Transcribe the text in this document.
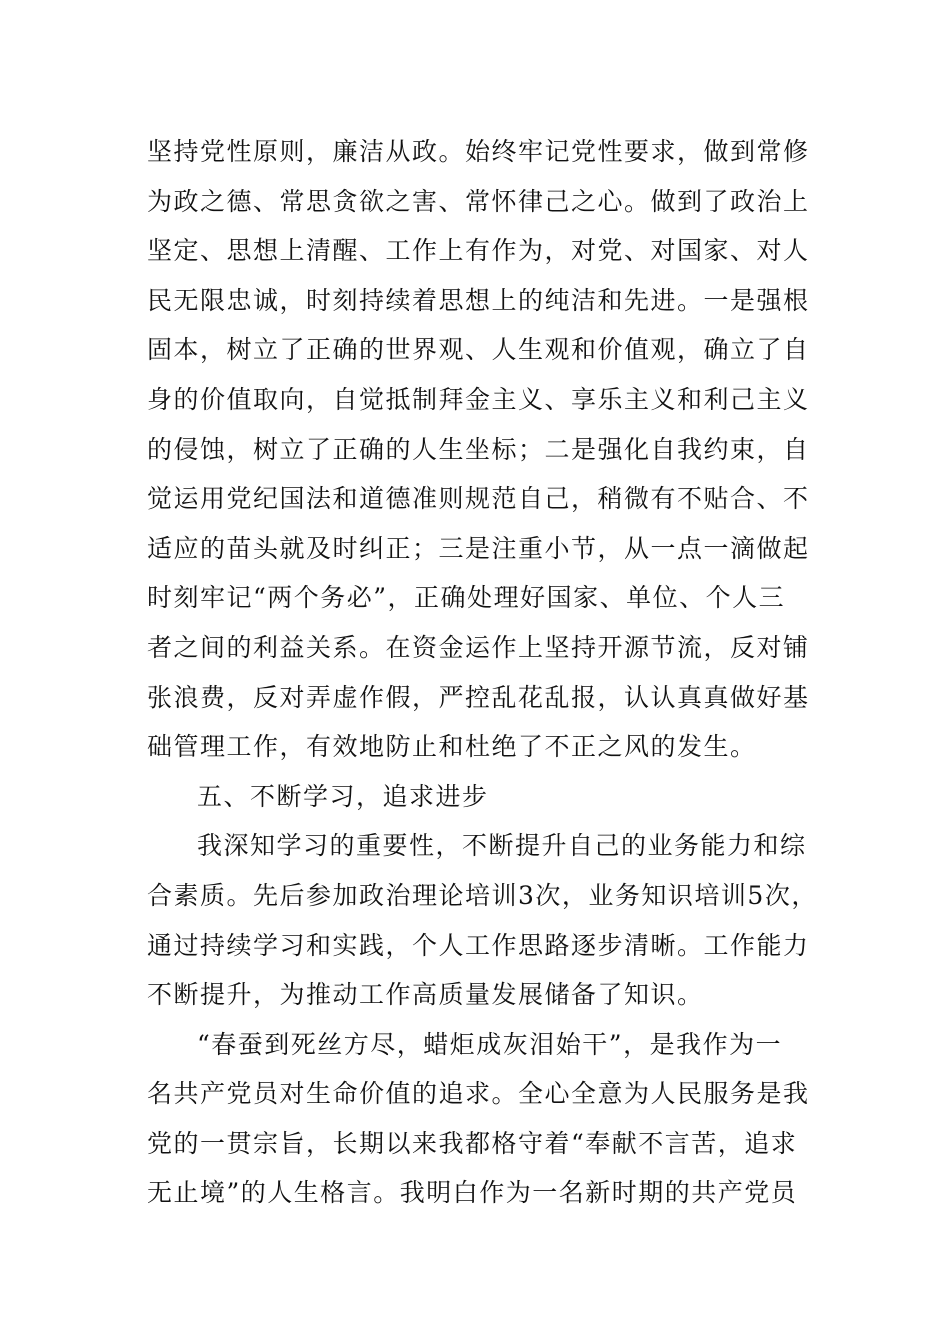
坚持党性原则，廉洁从政。始终牢记党性要求，做到常修
为政之德、常思贪欲之害、常怀律己之心。做到了政治上
坚定、思想上清醒、工作上有作为，对党、对国家、对人
民无限忠诚，时刻持续着思想上的纯洁和先进。一是强根
固本，树立了正确的世界观、人生观和价值观，确立了自
身的价值取向，自觉抵制拜金主义、享乐主义和利己主义
的侵蚀，树立了正确的人生坐标；二是强化自我约束，自
觉运用党纪国法和道德准则规范自己，稍微有不贴合、不
适应的苗头就及时纠正；三是注重小节，从一点一滴做起
时刻牢记“两个务必”，正确处理好国家、单位、个人三
者之间的利益关系。在资金运作上坚持开源节流，反对铺
张浪费，反对弄虚作假，严控乱花乱报，认认真真做好基
础管理工作，有效地防止和杜绝了不正之风的发生。
五、不断学习，追求进步
我深知学习的重要性，不断提升自己的业务能力和综
合素质。先后参加政治理论培训3次，业务知识培训5次，
通过持续学习和实践，个人工作思路逐步清晰。工作能力
不断提升，为推动工作高质量发展储备了知识。
“春蚕到死丝方尽，蜡炬成灰泪始干”，是我作为一
名共产党员对生命价值的追求。全心全意为人民服务是我
党的一贯宗旨，长期以来我都格守着“奉献不言苦，追求
无止境”的人生格言。我明白作为一名新时期的共产党员
